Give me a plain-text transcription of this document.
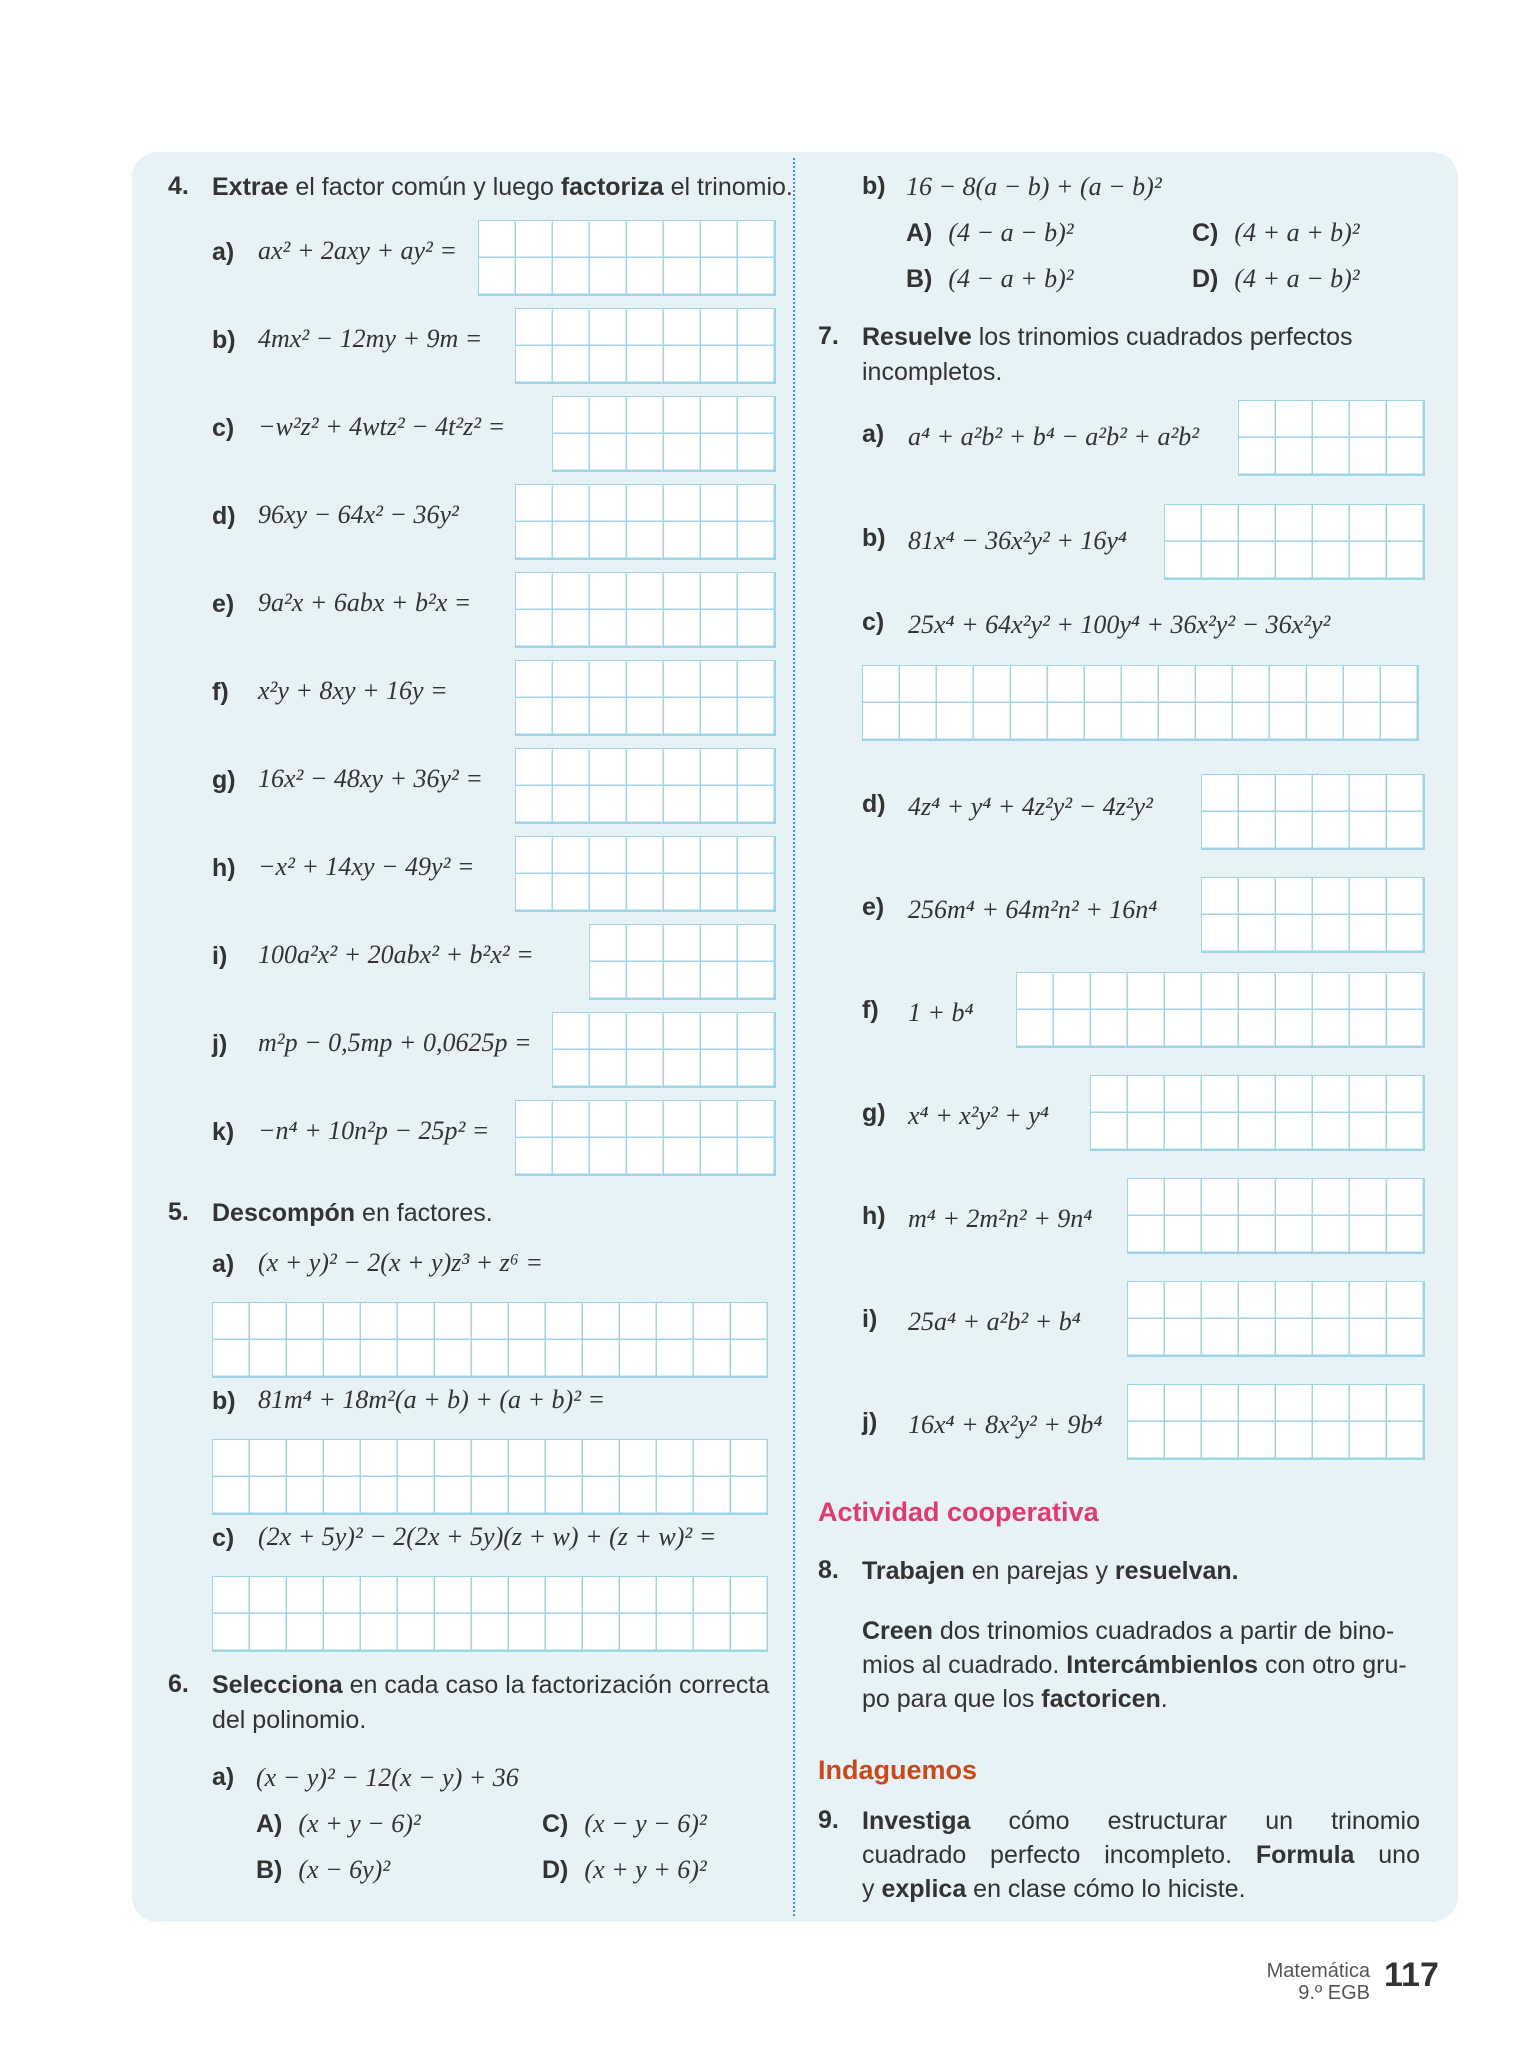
4. Extrae el factor común y luego factoriza el trinomio.
a) ax² + 2axy + ay² =
b) 4mx² − 12my + 9m =
c) −w²z² + 4wtz² − 4t²z² =
d) 96xy − 64x² − 36y²
e) 9a²x + 6abx + b²x =
f) x²y + 8xy + 16y =
g) 16x² − 48xy + 36y² =
h) −x² + 14xy − 49y² =
i) 100a²x² + 20abx² + b²x² =
j) m²p − 0,5mp + 0,0625p =
k) −n⁴ + 10n²p − 25p² =
5. Descompón en factores.
a) (x + y)² − 2(x + y)z³ + z⁶ =
b) 81m⁴ + 18m²(a + b) + (a + b)² =
c) (2x + 5y)² − 2(2x + 5y)(z + w) + (z + w)² =
6. Selecciona en cada caso la factorización correcta
del polinomio.
a) (x − y)² − 12(x − y) + 36
A) (x + y − 6)²	C) (x − y − 6)²
B) (x − 6y)²	D) (x + y + 6)²
b) 16 − 8(a − b) + (a − b)²
A) (4 − a − b)²	C) (4 + a + b)²
B) (4 − a + b)²	D) (4 + a − b)²
7. Resuelve los trinomios cuadrados perfectos
incompletos.
a) a⁴ + a²b² + b⁴ − a²b² + a²b²
b) 81x⁴ − 36x²y² + 16y⁴
c) 25x⁴ + 64x²y² + 100y⁴ + 36x²y² − 36x²y²
d) 4z⁴ + y⁴ + 4z²y² − 4z²y²
e) 256m⁴ + 64m²n² + 16n⁴
f) 1 + b⁴
g) x⁴ + x²y² + y⁴
h) m⁴ + 2m²n² + 9n⁴
i) 25a⁴ + a²b² + b⁴
j) 16x⁴ + 8x²y² + 9b⁴
Actividad cooperativa
8. Trabajen en parejas y resuelvan.
Creen dos trinomios cuadrados a partir de bino-
mios al cuadrado. Intercámbienlos con otro gru-
po para que los factoricen.
Indaguemos
9. Investiga cómo estructurar un trinomio
cuadrado perfecto incompleto. Formula uno
y explica en clase cómo lo hiciste.
Matemática
9.º EGB 117
